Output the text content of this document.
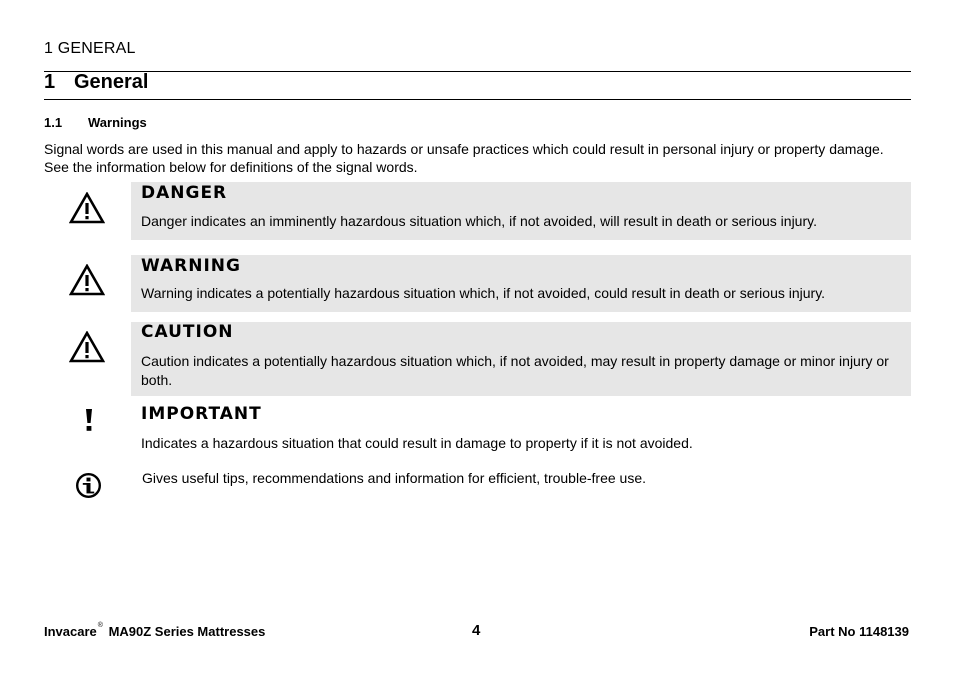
1 GENERAL
1 General
1.1 Warnings

Signal words are used in this manual and apply to hazards or unsafe practices which could result in personal injury or property damage.

See the information below for definitions of the signal words.

DANGER
Danger indicates an imminently hazardous situation which, if not avoided, will result in death or serious injury.
WARNING
Warning indicates a potentially hazardous situation which, if not avoided, could result in death or serious injury.
CAUTION
Caution indicates a potentially hazardous situation which, if not avoided, may result in property damage or minor injury or both.
IMPORTANT
Indicates a hazardous situation that could result in damage to property if it is not avoided.
Gives useful tips, recommendations and information for efficient, trouble-free use.
Invacare® MA90Z Series Mattresses	4	Part No 1148139
